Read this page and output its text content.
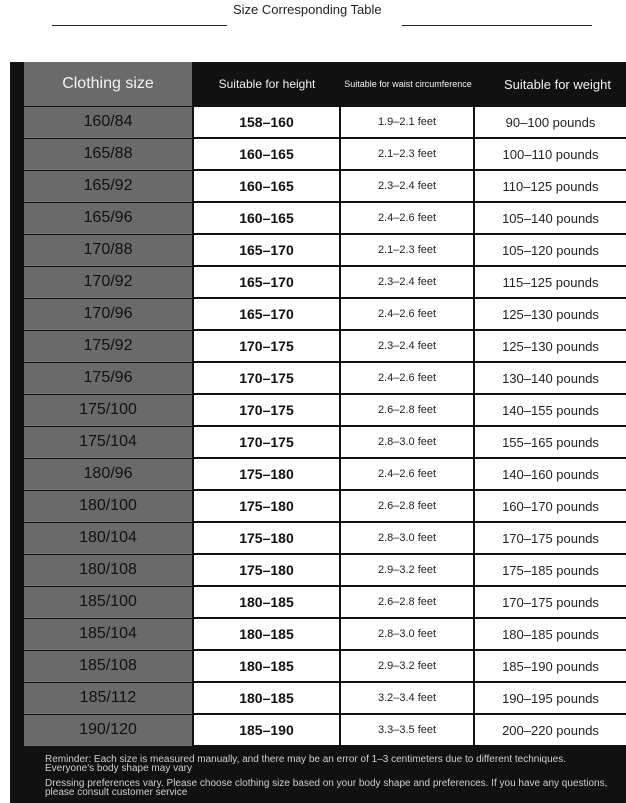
Size Corresponding Table
Clothing size	Suitable for height	Suitable for waist circumference	Suitable for weight
160/84	158–160	1.9–2.1 feet	90–100 pounds
165/88	160–165	2.1–2.3 feet	100–110 pounds
165/92	160–165	2.3–2.4 feet	110–125 pounds
165/96	160–165	2.4–2.6 feet	105–140 pounds
170/88	165–170	2.1–2.3 feet	105–120 pounds
170/92	165–170	2.3–2.4 feet	115–125 pounds
170/96	165–170	2.4–2.6 feet	125–130 pounds
175/92	170–175	2.3–2.4 feet	125–130 pounds
175/96	170–175	2.4–2.6 feet	130–140 pounds
175/100	170–175	2.6–2.8 feet	140–155 pounds
175/104	170–175	2.8–3.0 feet	155–165 pounds
180/96	175–180	2.4–2.6 feet	140–160 pounds
180/100	175–180	2.6–2.8 feet	160–170 pounds
180/104	175–180	2.8–3.0 feet	170–175 pounds
180/108	175–180	2.9–3.2 feet	175–185 pounds
185/100	180–185	2.6–2.8 feet	170–175 pounds
185/104	180–185	2.8–3.0 feet	180–185 pounds
185/108	180–185	2.9–3.2 feet	185–190 pounds
185/112	180–185	3.2–3.4 feet	190–195 pounds
190/120	185–190	3.3–3.5 feet	200–220 pounds
Reminder: Each size is measured manually, and there may be an error of 1–3 centimeters due to different techniques. Everyone's body shape may vary
Dressing preferences vary. Please choose clothing size based on your body shape and preferences. If you have any questions, please consult customer service
